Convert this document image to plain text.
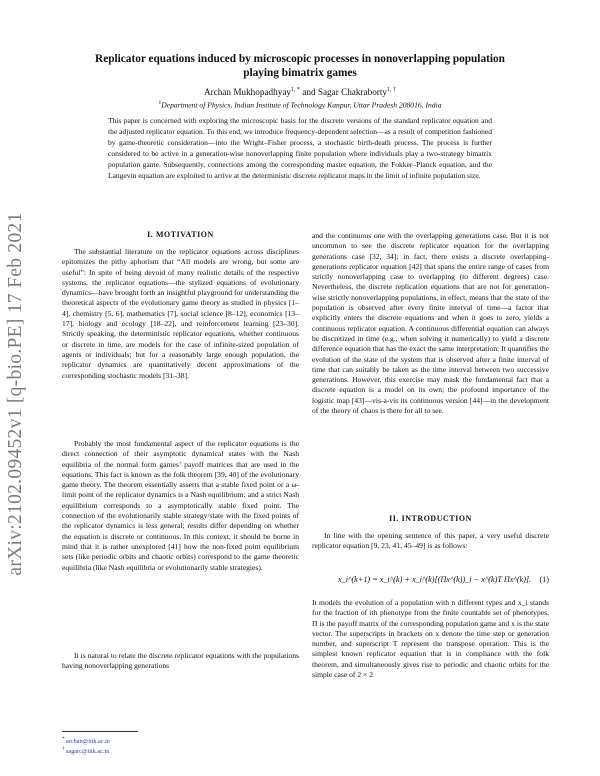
arXiv:2102.09452v1 [q-bio.PE] 17 Feb 2021
Replicator equations induced by microscopic processes in nonoverlapping population
playing bimatrix games
Archan Mukhopadhyay$^{1, *}$ and Sagar Chakraborty$^{1, \dagger}$
$^1$Department of Physics, Indian Institute of Technology Kanpur, Uttar Pradesh 208016, India

This paper is concerned with exploring the microscopic basis for the discrete versions of the standard replicator equation and the adjusted replicator equation. To this end, we introduce frequency-dependent selection—as a result of competition fashioned by game-theoretic consideration—into the Wright–Fisher process, a stochastic birth-death process. The process is further considered to be active in a generation-wise nonoverlapping finite population where individuals play a two-strategy bimatrix population game. Subsequently, connections among the corresponding master equation, the Fokker–Planck equation, and the Langevin equation are exploited to arrive at the deterministic discrete replicator maps in the limit of infinite population size.

I. MOTIVATION

The substantial literature on the replicator equations across disciplines epitomizes the pithy aphorism that “All models are wrong, but some are useful”: In spite of being devoid of many realistic details of the respective systems, the replicator equations—the stylized equations of evolutionary dynamics—have brought forth an insightful playground for understanding the theoretical aspects of the evolutionary game theory as studied in physics [1–4], chemistry [5, 6], mathematics [7], social science [8–12], economics [13–17], biology and ecology [18–22], and reinforcement learning [23–30]. Strictly speaking, the deterministic replicator equations, whether continuous or discrete in time, are models for the case of infinite-sized population of agents or individuals; but for a reasonably large enough population, the replicator dynamics are quantitatively decent approximations of the corresponding stochastic models [31–38].

Probably the most fundamental aspect of the replicator equations is the direct connection of their asymptotic dynamical states with the Nash equilibria of the normal form games’ payoff matrices that are used in the equations. This fact is known as the folk theorem [39, 40] of the evolutionary game theory. The theorem essentially asserts that a stable fixed point or a ω-limit point of the replicator dynamics is a Nash equilibrium; and a strict Nash equilibrium corresponds to a asymptotically stable fixed point. The connection of the evolutionarily stable strategy/state with the fixed points of the replicator dynamics is less general; results differ depending on whether the equation is discrete or continuous. In this context, it should be borne in mind that it is rather unexplored [41] how the non-fixed point equilibrium sets (like periodic orbits and chaotic orbits) correspond to the game theoretic equilibria (like Nash equilibria or evolutionarily stable strategies).

It is natural to relate the discrete replicator equations with the populations having nonoverlapping generations

and the continuous one with the overlapping generations case. But it is not uncommon to see the discrete replicator equation for the overlapping generations case [32, 34]; in fact, there exists a discrete overlapping-generations replicator equation [42] that spans the entire range of cases from strictly nonoverlapping case to overlapping (to different degrees) case. Nevertheless, the discrete replication equations that are not for generation-wise strictly nonoverlapping populations, in effect, means that the state of the population is observed after every finite interval of time—a factor that explicitly enters the discrete equations and when it goes to zero, yields a continuous replicator equation. A continuous differential equation can always be discretized in time (e.g., when solving it numerically) to yield a discrete difference equation that has the exact the same interpretation: It quantifies the evolution of the state of the system that is observed after a finite interval of time that can suitably be taken as the time interval between two successive generations. However, this exercise may mask the fundamental fact that a discrete equation is a model on its own; the profound importance of the logistic map [43]—vis-a-vis its continuous version [44]—in the development of the theory of chaos is there for all to see.

II. INTRODUCTION

In line with the opening sentence of this paper, a very useful discrete replicator equation [9, 23, 41, 45–49] is as follows:

x_i^(k+1) = x_i^(k) + x_i^(k)[(Πx^(k))_i − x^(k)T Πx^(k)]. (1)

It models the evolution of a population with n different types and x_i stands for the fraction of ith phenotype from the finite countable set of phenotypes. Π is the payoff matrix of the corresponding population game and x is the state vector. The superscripts in brackets on x denote the time step or generation number, and superscript T represent the transpose operation. This is the simplest known replicator equation that is in compliance with the folk theorem, and simultaneously gives rise to periodic and chaotic orbits for the simple case of 2 × 2

* archan@iitk.ac.in
† sagarc@iitk.ac.in
